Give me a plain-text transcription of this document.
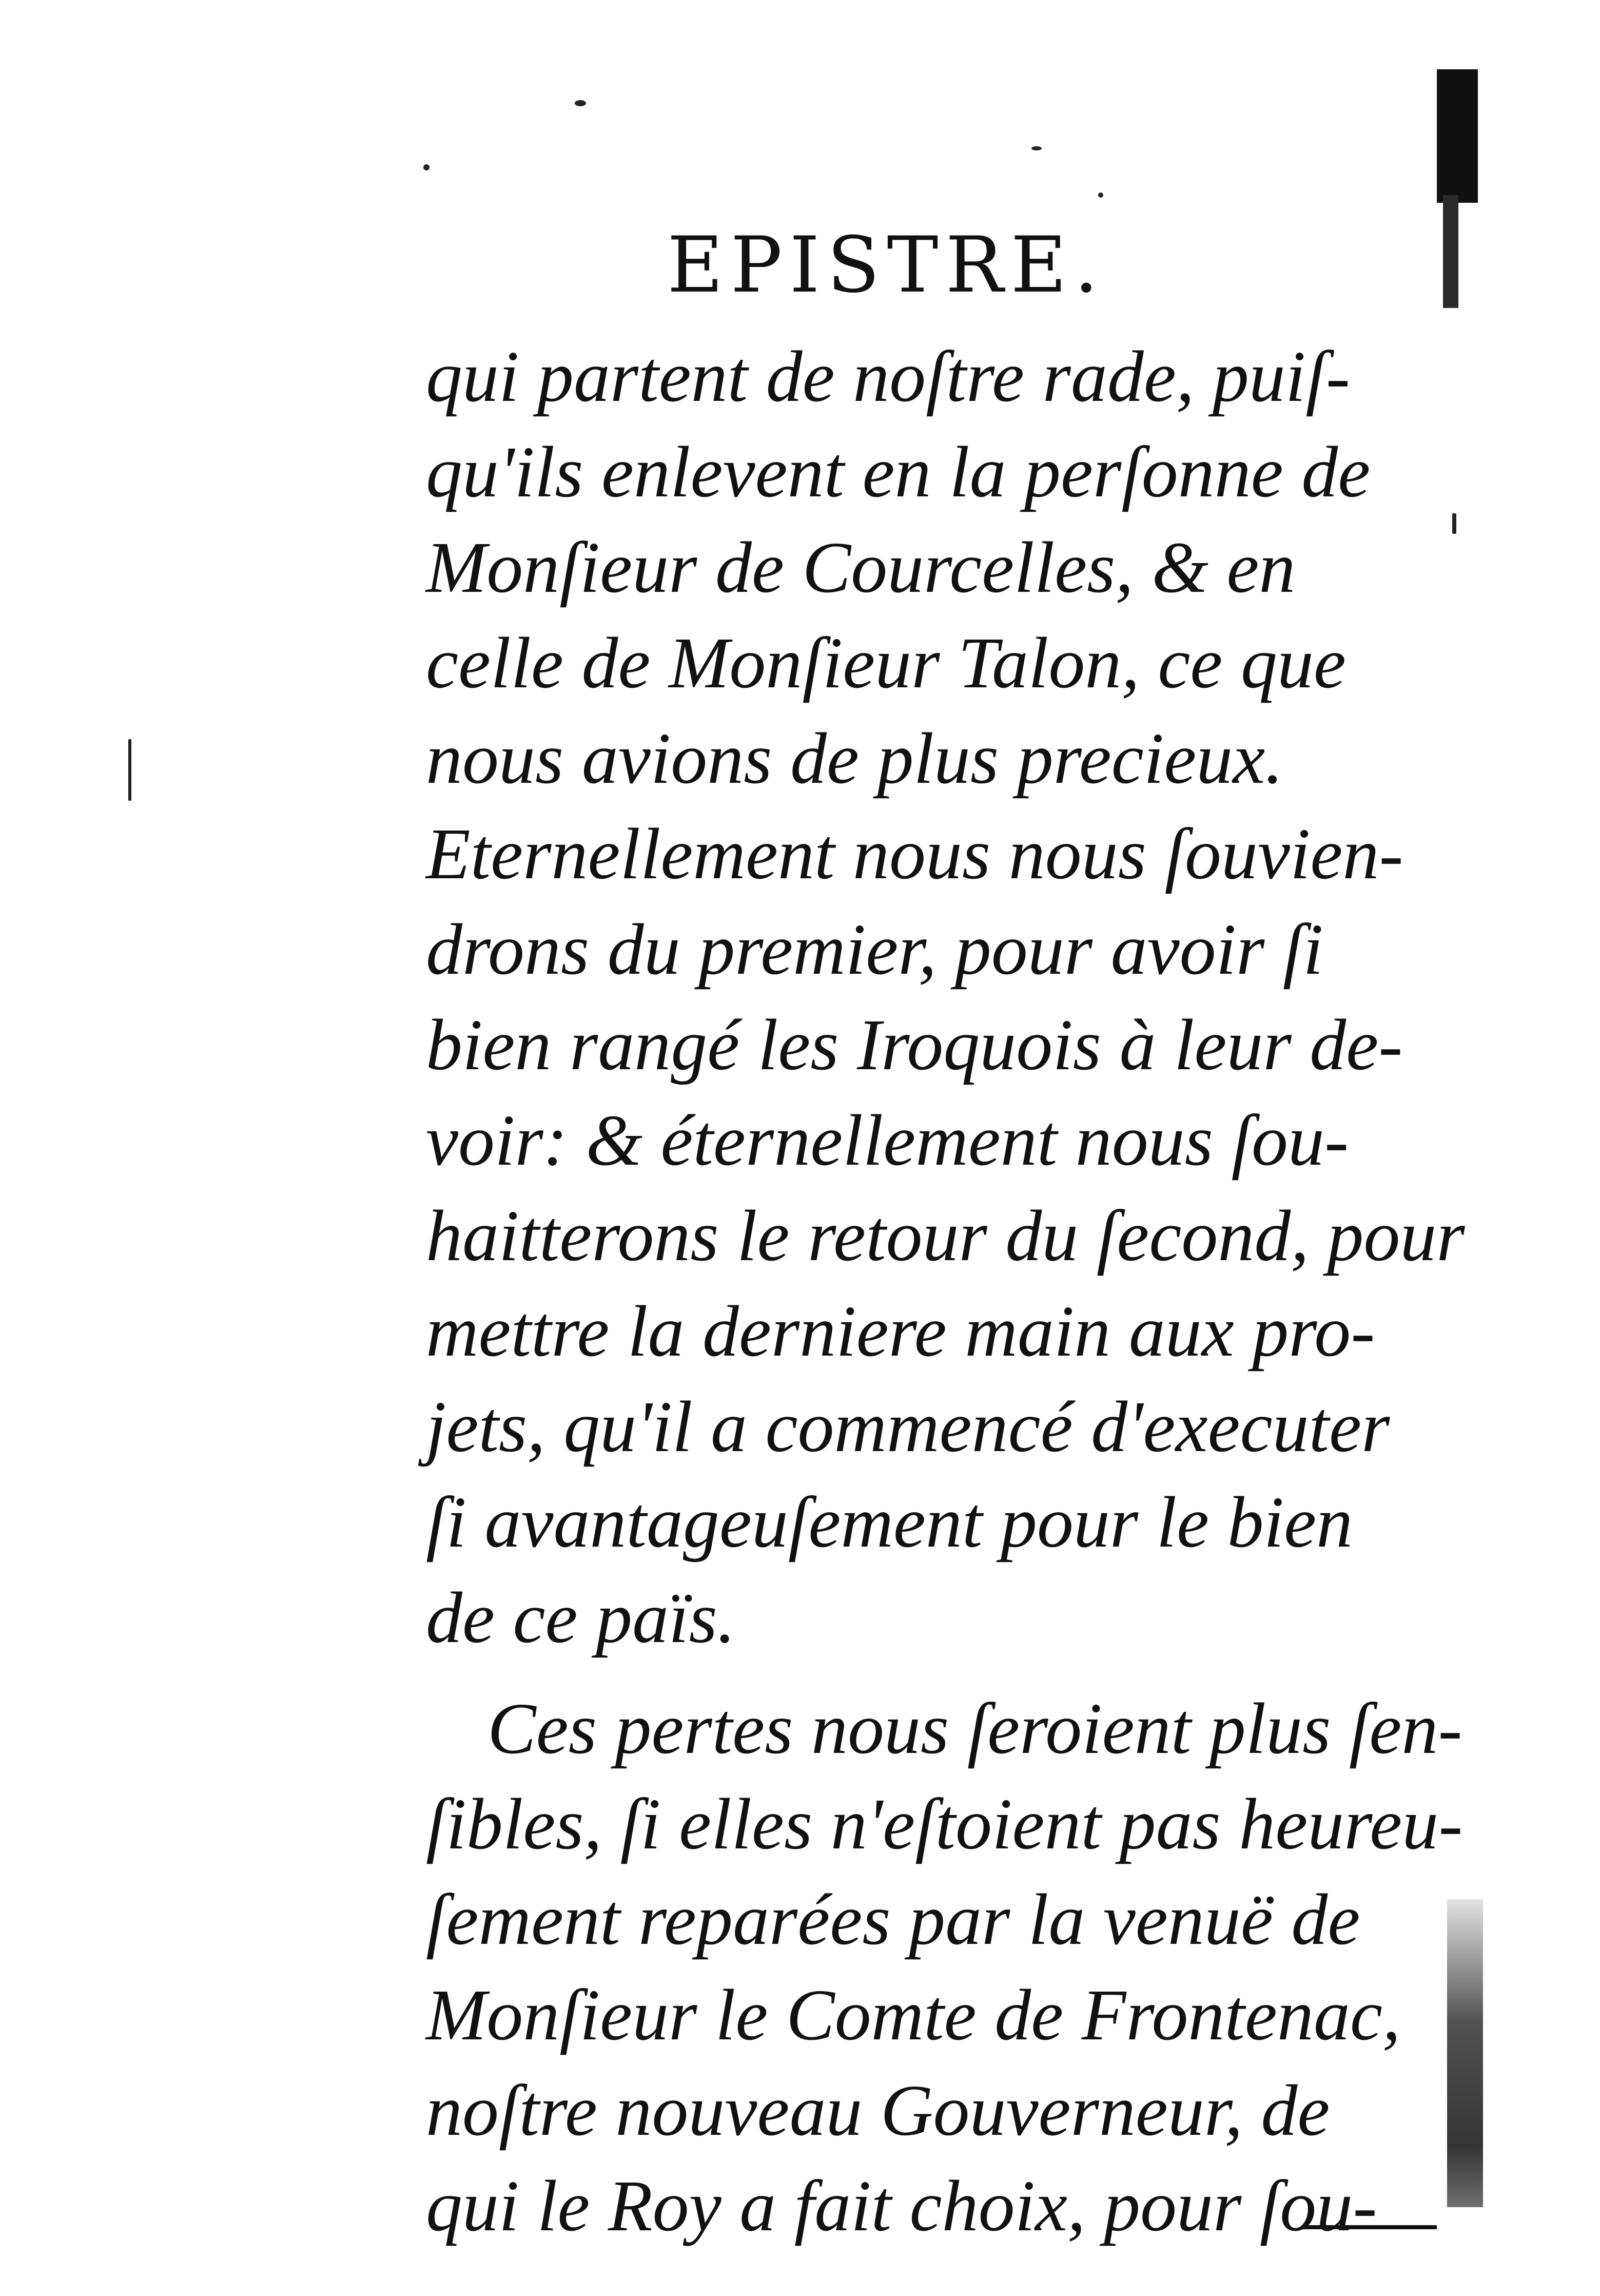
EPISTRE.
qui partent de noſtre rade, puiſ-
qu'ils enlevent en la perſonne de
Monſieur de Courcelles, & en
celle de Monſieur Talon, ce que
nous avions de plus precieux.
Eternellement nous nous ſouvien-
drons du premier, pour avoir ſi
bien rangé les Iroquois à leur de-
voir: & éternellement nous ſou-
haitterons le retour du ſecond, pour
mettre la derniere main aux pro-
jets, qu'il a commencé d'executer
ſi avantageuſement pour le bien
de ce païs.
Ces pertes nous ſeroient plus ſen-
ſibles, ſi elles n'eſtoient pas heureu-
ſement reparées par la venuë de
Monſieur le Comte de Frontenac,
noſtre nouveau Gouverneur, de
qui le Roy a fait choix, pour ſou-
